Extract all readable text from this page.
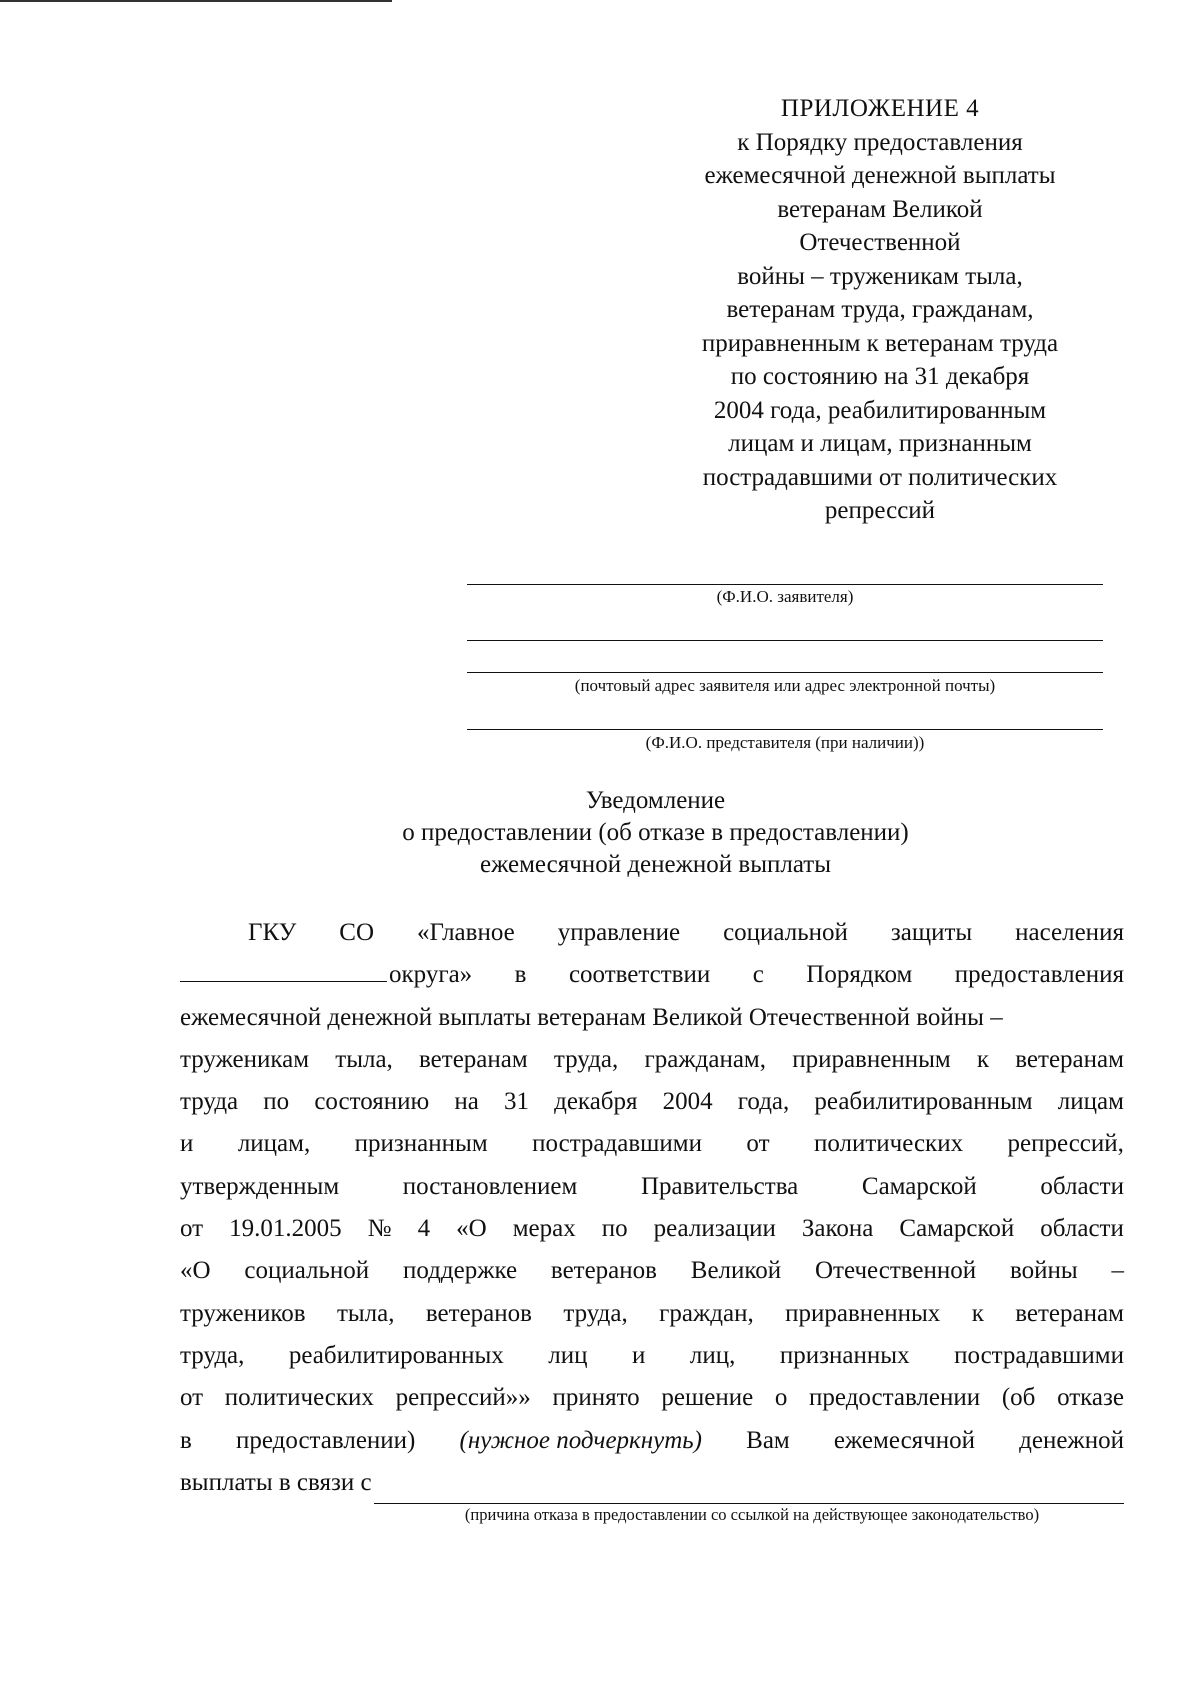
ПРИЛОЖЕНИЕ 4
к Порядку предоставления
ежемесячной денежной выплаты
ветеранам Великой
Отечественной
войны – труженикам тыла,
ветеранам труда, гражданам,
приравненным к ветеранам труда
по состоянию на 31 декабря
2004 года, реабилитированным
лицам и лицам, признанным
пострадавшими от политических
репрессий
(Ф.И.О. заявителя)
(почтовый адрес заявителя или адрес электронной почты)
(Ф.И.О. представителя (при наличии))
Уведомление
о предоставлении (об отказе в предоставлении)
ежемесячной денежной выплаты
ГКУ СО «Главное управление социальной защиты населения
округа» в соответствии с Порядком предоставления
ежемесячной денежной выплаты ветеранам Великой Отечественной войны –
труженикам тыла, ветеранам труда, гражданам, приравненным к ветеранам
труда по состоянию на 31 декабря 2004 года, реабилитированным лицам
и лицам, признанным пострадавшими от политических репрессий,
утвержденным	постановлением	Правительства	Самарской	области
от 19.01.2005 № 4 «О мерах по реализации Закона Самарской области
«О социальной поддержке ветеранов Великой Отечественной войны –
тружеников тыла, ветеранов труда, граждан, приравненных к ветеранам
труда, реабилитированных лиц и лиц, признанных пострадавшими
от политических репрессий»» принято решение о предоставлении (об отказе
в предоставлении) (нужное подчеркнуть) Вам ежемесячной денежной
выплаты в связи с
(причина отказа в предоставлении со ссылкой на действующее законодательство)
